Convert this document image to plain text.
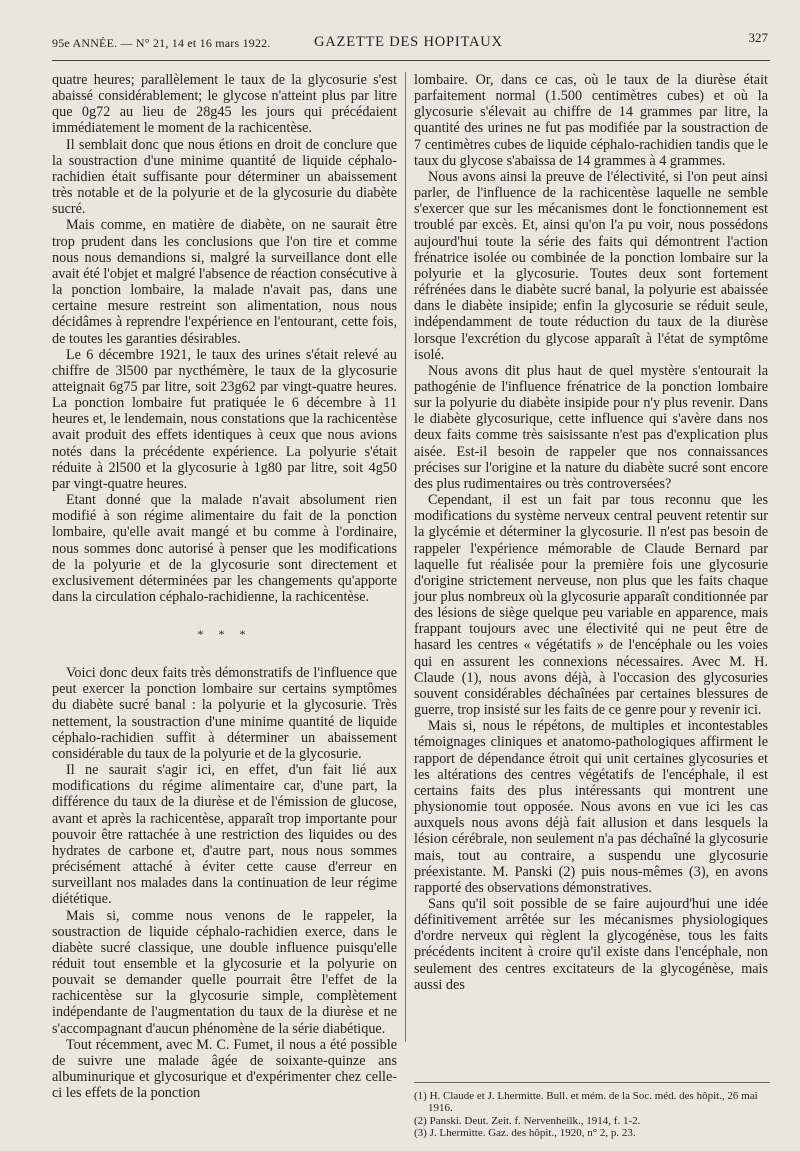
95e ANNÉE. — N° 21, 14 et 16 mars 1922.	GAZETTE DES HOPITAUX	327

quatre heures; parallèlement le taux de la glycosurie s'est abaissé considérablement; le glycose n'atteint plus par litre que 0g72 au lieu de 28g45 les jours qui précédaient immédiatement le moment de la rachicentèse.

Il semblait donc que nous étions en droit de conclure que la soustraction d'une minime quantité de liquide céphalo-rachidien était suffisante pour déterminer un abaissement très notable et de la polyurie et de la glycosurie du diabète sucré.

Mais comme, en matière de diabète, on ne saurait être trop prudent dans les conclusions que l'on tire et comme nous nous demandions si, malgré la surveillance dont elle avait été l'objet et malgré l'absence de réaction consécutive à la ponction lombaire, la malade n'avait pas, dans une certaine mesure restreint son alimentation, nous nous décidâmes à reprendre l'expérience en l'entourant, cette fois, de toutes les garanties désirables.

Le 6 décembre 1921, le taux des urines s'était relevé au chiffre de 3l500 par nycthémère, le taux de la glycosurie atteignait 6g75 par litre, soit 23g62 par vingt-quatre heures. La ponction lombaire fut pratiquée le 6 décembre à 11 heures et, le lendemain, nous constations que la rachicentèse avait produit des effets identiques à ceux que nous avions notés dans la précédente expérience. La polyurie s'était réduite à 2l500 et la glycosurie à 1g80 par litre, soit 4g50 par vingt-quatre heures.

Etant donné que la malade n'avait absolument rien modifié à son régime alimentaire du fait de la ponction lombaire, qu'elle avait mangé et bu comme à l'ordinaire, nous sommes donc autorisé à penser que les modifications de la polyurie et de la glycosurie sont directement et exclusivement déterminées par les changements qu'apporte dans la circulation céphalo-rachidienne, la rachicentèse.

* * *

Voici donc deux faits très démonstratifs de l'influence que peut exercer la ponction lombaire sur certains symptômes du diabète sucré banal : la polyurie et la glycosurie. Très nettement, la soustraction d'une minime quantité de liquide céphalo-rachidien suffit à déterminer un abaissement considérable du taux de la polyurie et de la glycosurie.

Il ne saurait s'agir ici, en effet, d'un fait lié aux modifications du régime alimentaire car, d'une part, la différence du taux de la diurèse et de l'émission de glucose, avant et après la rachicentèse, apparaît trop importante pour pouvoir être rattachée à une restriction des liquides ou des hydrates de carbone et, d'autre part, nous nous sommes précisément attaché à éviter cette cause d'erreur en surveillant nos malades dans la continuation de leur régime diététique.

Mais si, comme nous venons de le rappeler, la soustraction de liquide céphalo-rachidien exerce, dans le diabète sucré classique, une double influence puisqu'elle réduit tout ensemble et la glycosurie et la polyurie on pouvait se demander quelle pourrait être l'effet de la rachicentèse sur la glycosurie simple, complètement indépendante de l'augmentation du taux de la diurèse et ne s'accompagnant d'aucun phénomène de la série diabétique.

Tout récemment, avec M. C. Fumet, il nous a été possible de suivre une malade âgée de soixante-quinze ans albuminurique et glycosurique et d'expérimenter chez celle-ci les effets de la ponction

lombaire. Or, dans ce cas, où le taux de la diurèse était parfaitement normal (1.500 centimètres cubes) et où la glycosurie s'élevait au chiffre de 14 grammes par litre, la quantité des urines ne fut pas modifiée par la soustraction de 7 centimètres cubes de liquide céphalo-rachidien tandis que le taux du glycose s'abaissa de 14 grammes à 4 grammes.

Nous avons ainsi la preuve de l'électivité, si l'on peut ainsi parler, de l'influence de la rachicentèse laquelle ne semble s'exercer que sur les mécanismes dont le fonctionnement est troublé par excès. Et, ainsi qu'on l'a pu voir, nous possédons aujourd'hui toute la série des faits qui démontrent l'action frénatrice isolée ou combinée de la ponction lombaire sur la polyurie et la glycosurie. Toutes deux sont fortement réfrénées dans le diabète sucré banal, la polyurie est abaissée dans le diabète insipide; enfin la glycosurie se réduit seule, indépendamment de toute réduction du taux de la diurèse lorsque l'excrétion du glycose apparaît à l'état de symptôme isolé.

Nous avons dit plus haut de quel mystère s'entourait la pathogénie de l'influence frénatrice de la ponction lombaire sur la polyurie du diabète insipide pour n'y plus revenir. Dans le diabète glycosurique, cette influence qui s'avère dans nos deux faits comme très saisissante n'est pas d'explication plus aisée. Est-il besoin de rappeler que nos connaissances précises sur l'origine et la nature du diabète sucré sont encore des plus rudimentaires ou très controversées?

Cependant, il est un fait par tous reconnu que les modifications du système nerveux central peuvent retentir sur la glycémie et déterminer la glycosurie. Il n'est pas besoin de rappeler l'expérience mémorable de Claude Bernard par laquelle fut réalisée pour la première fois une glycosurie d'origine strictement nerveuse, non plus que les faits chaque jour plus nombreux où la glycosurie apparaît conditionnée par des lésions de siège quelque peu variable en apparence, mais frappant toujours avec une électivité qui ne peut être de hasard les centres « végétatifs » de l'encéphale ou les voies qui en assurent les connexions nécessaires. Avec M. H. Claude (1), nous avons déjà, à l'occasion des glycosuries souvent considérables déchaînées par certaines blessures de guerre, trop insisté sur les faits de ce genre pour y revenir ici.

Mais si, nous le répétons, de multiples et incontestables témoignages cliniques et anatomo-pathologiques affirment le rapport de dépendance étroit qui unit certaines glycosuries et les altérations des centres végétatifs de l'encéphale, il est certains faits des plus intéressants qui montrent une physionomie tout opposée. Nous avons en vue ici les cas auxquels nous avons déjà fait allusion et dans lesquels la lésion cérébrale, non seulement n'a pas déchaîné la glycosurie mais, tout au contraire, a suspendu une glycosurie préexistante. M. Panski (2) puis nous-mêmes (3), en avons rapporté des observations démonstratives.

Sans qu'il soit possible de se faire aujourd'hui une idée définitivement arrêtée sur les mécanismes physiologiques d'ordre nerveux qui règlent la glycogénèse, tous les faits précédents incitent à croire qu'il existe dans l'encéphale, non seulement des centres excitateurs de la glycogénèse, mais aussi des

(1) H. Claude et J. Lhermitte. Bull. et mém. de la Soc. méd. des hôpit., 26 mai 1916.

(2) Panski. Deut. Zeit. f. Nervenheilk., 1914, f. 1-2.

(3) J. Lhermitte. Gaz. des hôpit., 1920, n° 2, p. 23.
